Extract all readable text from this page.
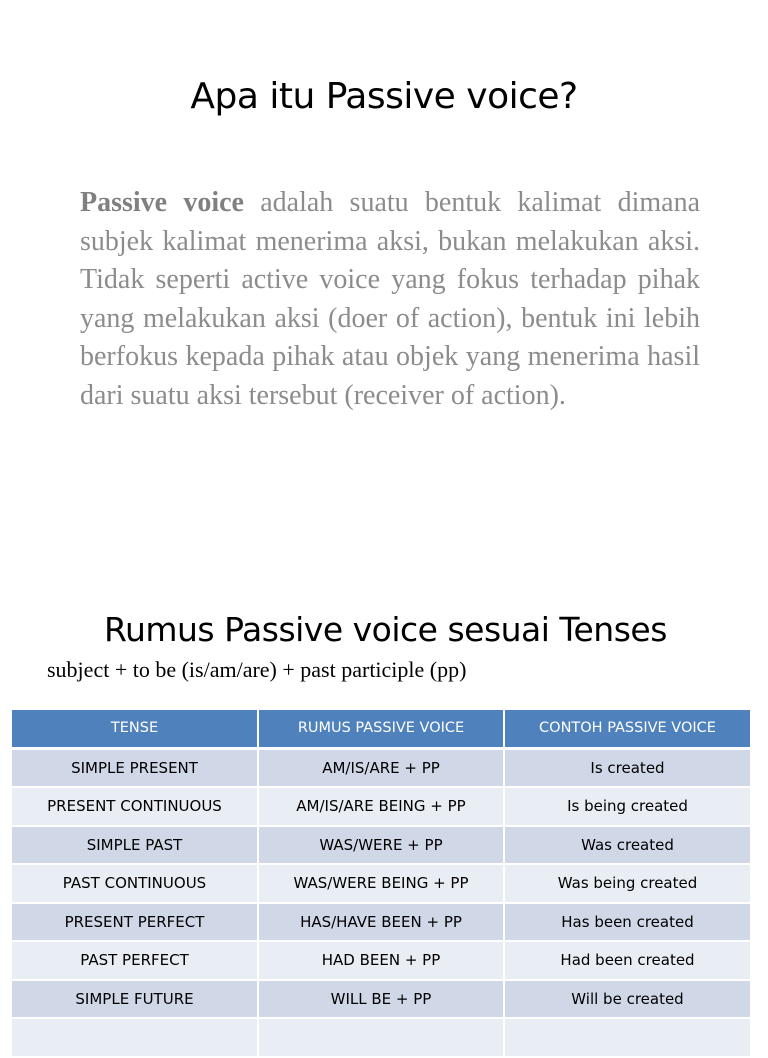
Apa itu Passive voice?

Passive voice adalah suatu bentuk kalimat dimana subjek kalimat menerima aksi, bukan melakukan aksi. Tidak seperti active voice yang fokus terhadap pihak yang melakukan aksi (doer of action), bentuk ini lebih berfokus kepada pihak atau objek yang menerima hasil dari suatu aksi tersebut (receiver of action).

Rumus Passive voice sesuai Tenses
subject + to be (is/am/are) + past participle (pp)
TENSE	RUMUS PASSIVE VOICE	CONTOH PASSIVE VOICE
SIMPLE PRESENT	AM/IS/ARE + PP	Is created
PRESENT CONTINUOUS	AM/IS/ARE BEING + PP	Is being created
SIMPLE PAST	WAS/WERE + PP	Was created
PAST CONTINUOUS	WAS/WERE BEING + PP	Was being created
PRESENT PERFECT	HAS/HAVE BEEN + PP	Has been created
PAST PERFECT	HAD BEEN + PP	Had been created
SIMPLE FUTURE	WILL BE + PP	Will be created
